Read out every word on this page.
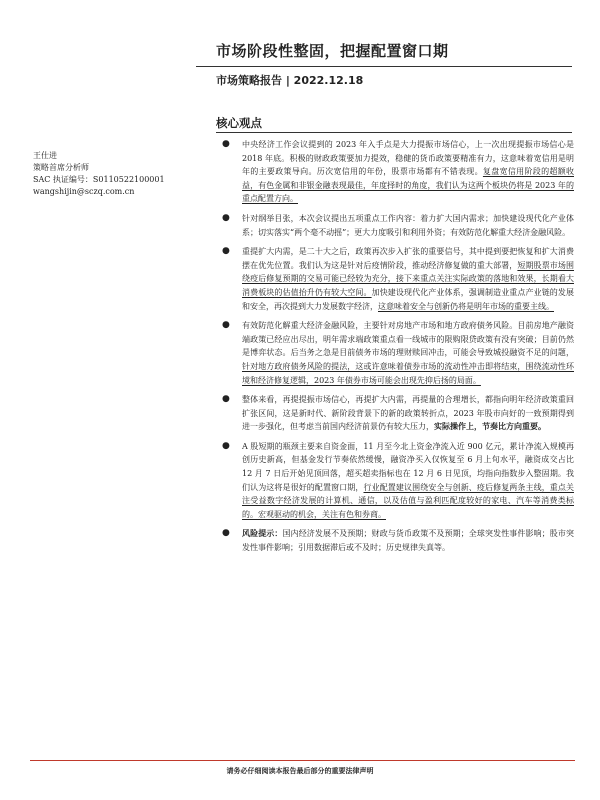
市场阶段性整固，把握配置窗口期
市场策略报告 | 2022.12.18
核心观点
王仕进
策略首席分析师
SAC 执证编号：S0110522100001
wangshijin@sczq.com.cn
● 中央经济工作会议提到的 2023 年入手点是大力提振市场信心，上一次出现提振市场信心是 2018 年底。积极的财政政策要加力提效，稳健的货币政策要精准有力，这意味着宽信用是明年的主要政策导向。历次宽信用的年份，股票市场都有不错表现。复盘宽信用阶段的超额收益，有色金属和非银金融表现最佳，年度择时的角度，我们认为这两个板块仍将是 2023 年的重点配置方向。
● 针对纲举目张，本次会议提出五项重点工作内容：着力扩大国内需求；加快建设现代化产业体系；切实落实“两个毫不动摇”；更大力度吸引和利用外资；有效防范化解重大经济金融风险。
● 重提扩大内需，是二十大之后，政策再次步入扩张的重要信号，其中提到要把恢复和扩大消费摆在优先位置。我们认为这是针对后疫情阶段，推动经济修复做的重大部署，短期股票市场围绕疫后修复预期的交易可能已经较为充分，接下来重点关注实际政策的落地和效果，长期看大消费板块的估值抬升仍有较大空间。加快建设现代化产业体系，强调制造业重点产业链的发展和安全，再次提到大力发展数字经济，这意味着安全与创新仍将是明年市场的重要主线。
● 有效防范化解重大经济金融风险，主要针对房地产市场和地方政府债务风险。目前房地产融资端政策已经应出尽出，明年需求端政策重点看一线城市的限购限贷政策有没有突破；目前仍然是博弈状态。后当务之急是目前债务市场的理财赎回冲击，可能会导致城投融资不足的问题，针对地方政府债务风险的提法，这或许意味着债券市场的流动性冲击即将结束，围绕流动性环境和经济修复逻辑，2023 年债券市场可能会出现先抑后扬的局面。
● 整体来看，再提提振市场信心，再提扩大内需，再提量的合理增长，都指向明年经济政策重回扩张区间，这是新时代、新阶段背景下的新的政策转折点，2023 年股市向好的一致预期得到进一步强化，但考虑当前国内经济前景仍有较大压力，实际操作上，节奏比方向重要。
● A 股短期的瓶颈主要来自资金面，11 月至今北上资金净流入近 900 亿元，累计净流入规模再创历史新高，但基金发行节奏依然缓慢，融资净买入仅恢复至 6 月上旬水平，融资成交占比 12 月 7 日后开始见顶回落，超买超卖指标也在 12 月 6 日见顶，均指向指数步入整固期。我们认为这将是很好的配置窗口期，行业配置建议围绕安全与创新、疫后修复两条主线，重点关注受益数字经济发展的计算机、通信，以及估值与盈利匹配度较好的家电、汽车等消费类标的。宏观驱动的机会，关注有色和券商。
● 风险提示：国内经济发展不及预期；财政与货币政策不及预期；全球突发性事件影响；股市突发性事件影响；引用数据滞后或不及时；历史规律失真等。
请务必仔细阅读本报告最后部分的重要法律声明
